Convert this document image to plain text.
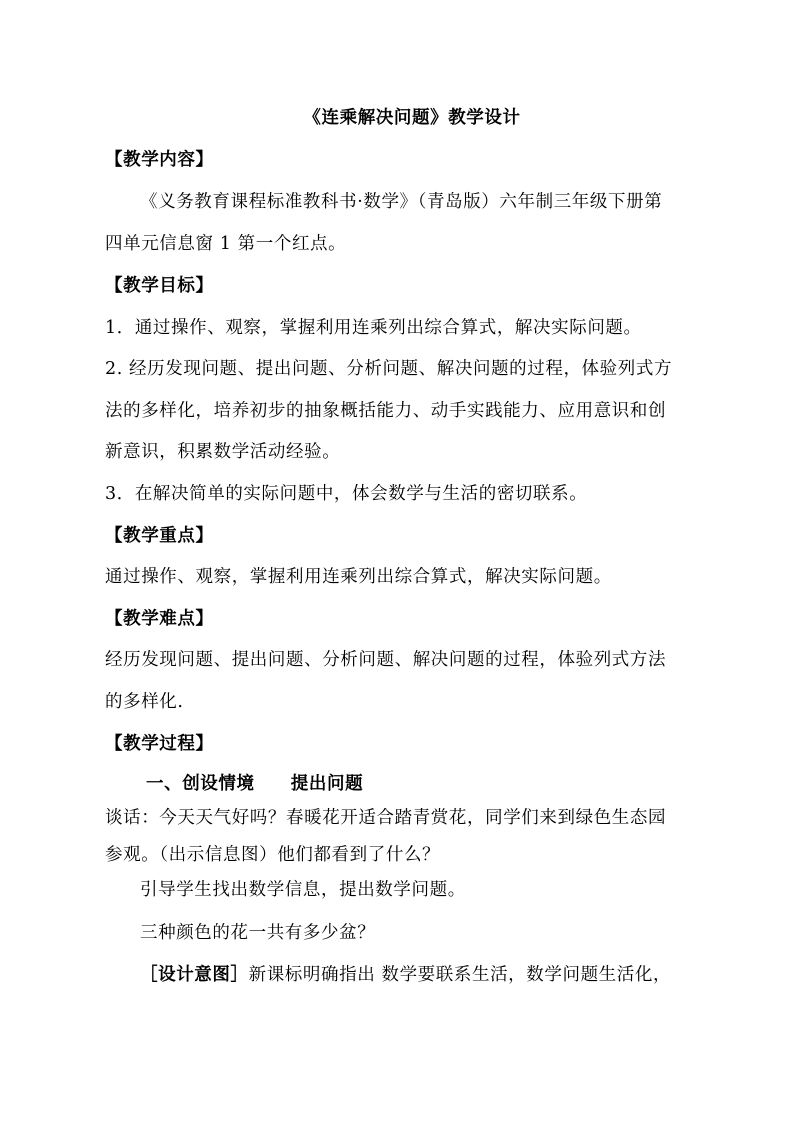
《连乘解决问题》教学设计
【教学内容】
《义务教育课程标准教科书·数学》（青岛版）六年制三年级下册第
四单元信息窗 1 第一个红点。
【教学目标】
1．通过操作、观察，掌握利用连乘列出综合算式，解决实际问题。
2. 经历发现问题、提出问题、分析问题、解决问题的过程，体验列式方
法的多样化，培养初步的抽象概括能力、动手实践能力、应用意识和创
新意识，积累数学活动经验。
3．在解决简单的实际问题中，体会数学与生活的密切联系。
【教学重点】
通过操作、观察，掌握利用连乘列出综合算式，解决实际问题。
【教学难点】
经历发现问题、提出问题、分析问题、解决问题的过程，体验列式方法
的多样化.
【教学过程】
一、创设情境　　提出问题
谈话：今天天气好吗？春暖花开适合踏青赏花，同学们来到绿色生态园
参观。（出示信息图）他们都看到了什么？
引导学生找出数学信息，提出数学问题。
三种颜色的花一共有多少盆？
［设计意图］新课标明确指出 数学要联系生活，数学问题生活化，
